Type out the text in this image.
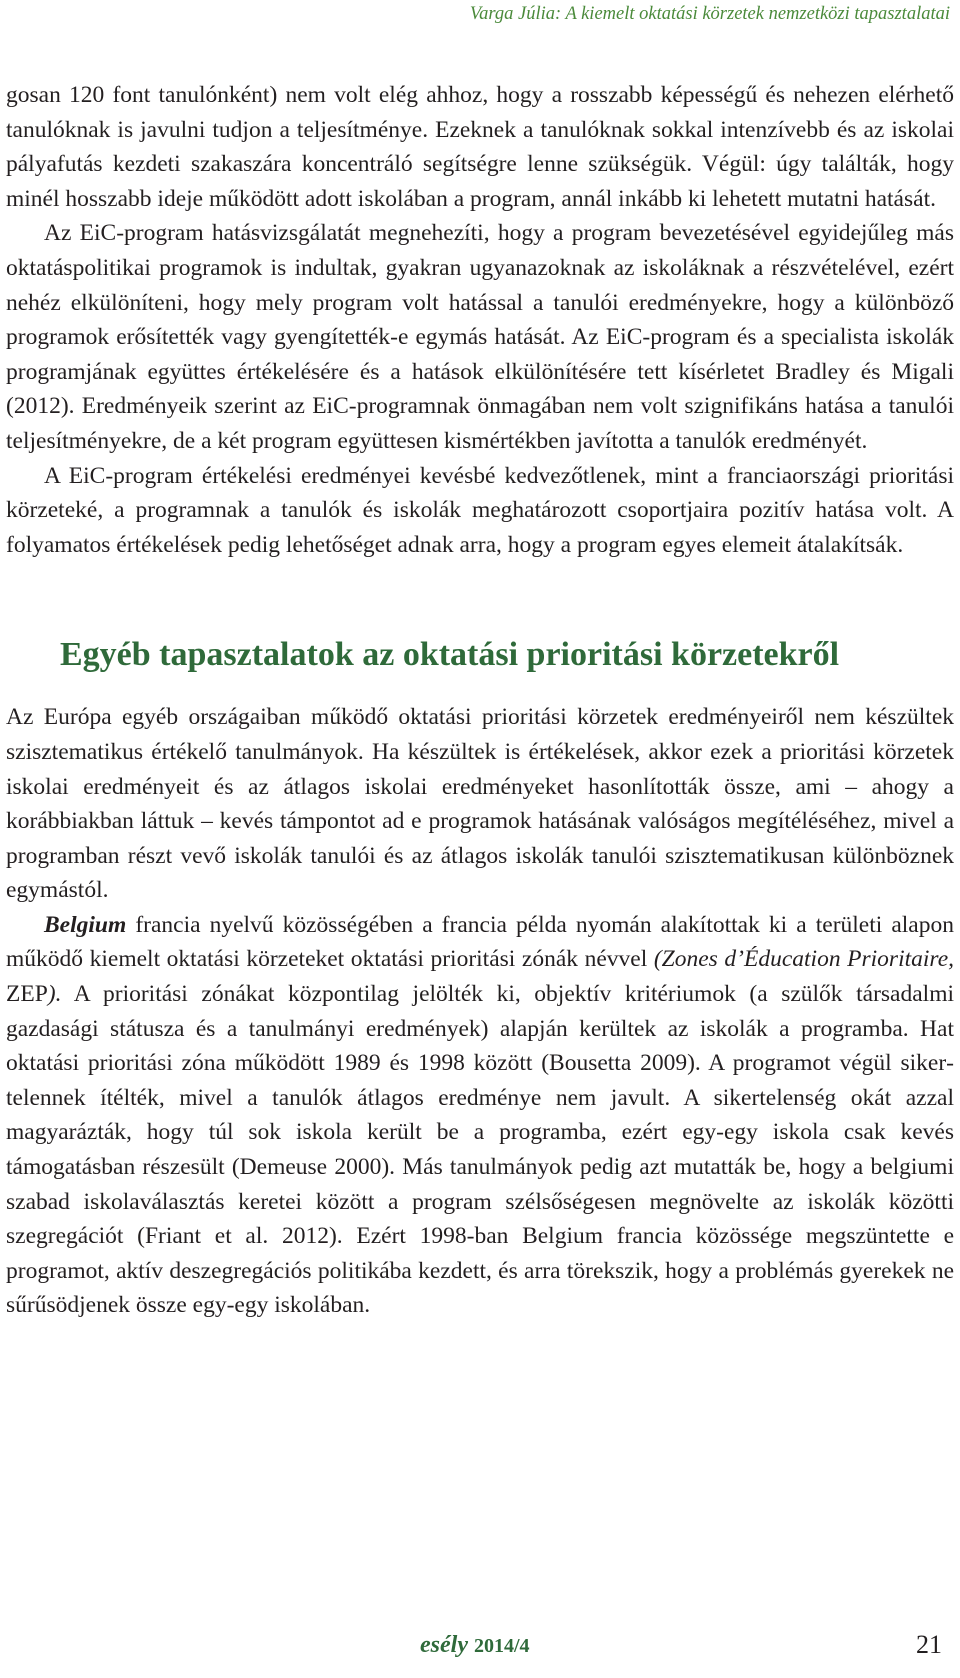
Varga Júlia: A kiemelt oktatási körzetek nemzetközi tapasztalatai

gosan 120 font tanulónként) nem volt elég ahhoz, hogy a rosszabb képességű és nehezen elérhető tanulóknak is javulni tudjon a teljesítménye. Ezeknek a tanulóknak sokkal intenzívebb és az iskolai pályafutás kezdeti szakaszára koncentráló segítségre lenne szükségük. Végül: úgy találták, hogy minél hosszabb ideje működött adott iskolában a program, annál inkább ki lehetett mutatni hatását.

Az EiC-program hatásvizsgálatát megnehezíti, hogy a program bevezetésével egyidejűleg más oktatáspolitikai programok is indultak, gyakran ugyanazoknak az iskoláknak a részvételével, ezért nehéz elkülöníteni, hogy mely program volt hatással a tanulói eredményekre, hogy a különböző programok erősítették vagy gyengítették-e egymás hatását. Az EiC-program és a specialista iskolák programjának együttes értékelésére és a hatások elkülönítésére tett kísérletet Bradley és Migali (2012). Eredményeik szerint az EiC-programnak önmagában nem volt szignifikáns hatása a tanulói teljesítményekre, de a két program együttesen kismértékben javította a tanulók eredményét.

A EiC-program értékelési eredményei kevésbé kedvezőtlenek, mint a franciaországi prioritási körzeteké, a programnak a tanulók és iskolák meghatározott csoportjaira pozitív hatása volt. A folyamatos értékelések pedig lehetőséget adnak arra, hogy a program egyes elemeit átalakítsák.

Egyéb tapasztalatok az oktatási prioritási körzetekről

Az Európa egyéb országaiban működő oktatási prioritási körzetek eredményeiről nem készültek szisztematikus értékelő tanulmányok. Ha készültek is értékelések, akkor ezek a prioritási körzetek iskolai eredményeit és az átlagos iskolai eredményeket hasonlították össze, ami – ahogy a korábbiakban láttuk – kevés támpontot ad e programok hatásának valóságos megítéléséhez, mivel a programban részt vevő iskolák tanulói és az átlagos iskolák tanulói szisztematikusan különböznek egymástól.

Belgium francia nyelvű közösségében a francia példa nyomán alakítottak ki a területi alapon működő kiemelt oktatási körzeteket oktatási prioritási zónák névvel (Zones d’Éducation Prioritaire, ZEP). A prioritási zónákat központilag jelölték ki, objektív kritériumok (a szülők társadalmi gazdasági státusza és a tanulmányi eredmények) alapján kerültek az iskolák a programba. Hat oktatási prioritási zóna működött 1989 és 1998 között (Bousetta 2009). A programot végül sikertelennek ítélték, mivel a tanulók átlagos eredménye nem javult. A sikertelenség okát azzal magyarázták, hogy túl sok iskola került be a programba, ezért egy-egy iskola csak kevés támogatásban részesült (Demeuse 2000). Más tanulmányok pedig azt mutatták be, hogy a belgiumi szabad iskolaválasztás keretei között a program szélsőségesen megnövelte az iskolák közötti szegregációt (Friant et al. 2012). Ezért 1998-ban Belgium francia közössége megszüntette e programot, aktív deszegregációs politikába kezdett, és arra törekszik, hogy a problémás gyerekek ne sűrűsödjenek össze egy-egy iskolában.

esély 2014/4	21
